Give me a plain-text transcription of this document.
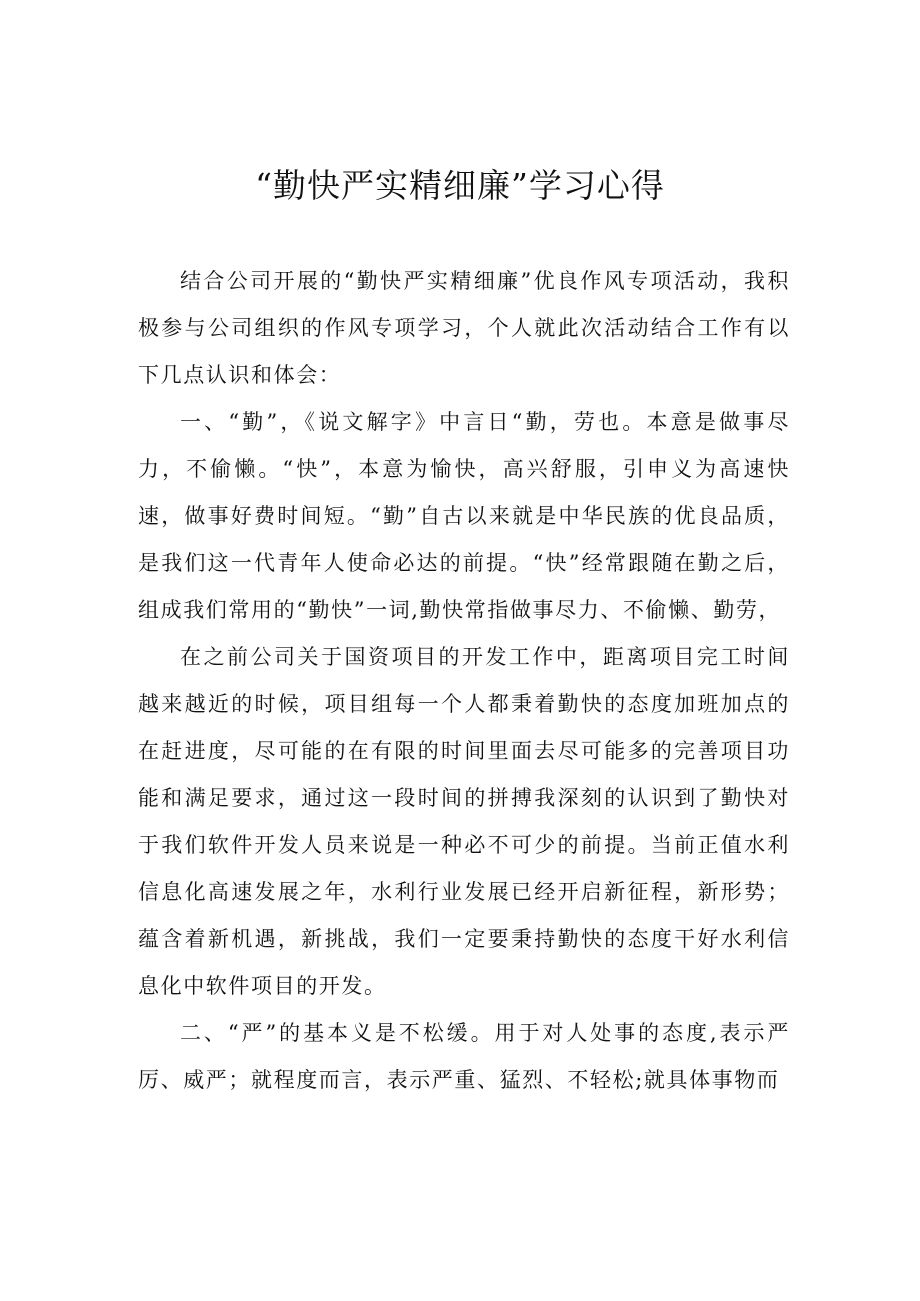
“勤快严实精细廉”学习心得

结合公司开展的“勤快严实精细廉”优良作风专项活动，我积极参与公司组织的作风专项学习，个人就此次活动结合工作有以下几点认识和体会：

一、“勤”，《说文解字》中言日“勤，劳也。本意是做事尽力，不偷懒。“快”，本意为愉快，高兴舒服，引申义为高速快速，做事好费时间短。“勤”自古以来就是中华民族的优良品质，是我们这一代青年人使命必达的前提。“快”经常跟随在勤之后，组成我们常用的“勤快”一词,勤快常指做事尽力、不偷懒、勤劳，

在之前公司关于国资项目的开发工作中，距离项目完工时间越来越近的时候，项目组每一个人都秉着勤快的态度加班加点的在赶进度，尽可能的在有限的时间里面去尽可能多的完善项目功能和满足要求，通过这一段时间的拼搏我深刻的认识到了勤快对于我们软件开发人员来说是一种必不可少的前提。当前正值水利信息化高速发展之年，水利行业发展已经开启新征程，新形势；蕴含着新机遇，新挑战，我们一定要秉持勤快的态度干好水利信息化中软件项目的开发。

二、“严”的基本义是不松缓。用于对人处事的态度,表示严厉、威严；就程度而言，表示严重、猛烈、不轻松;就具体事物而
